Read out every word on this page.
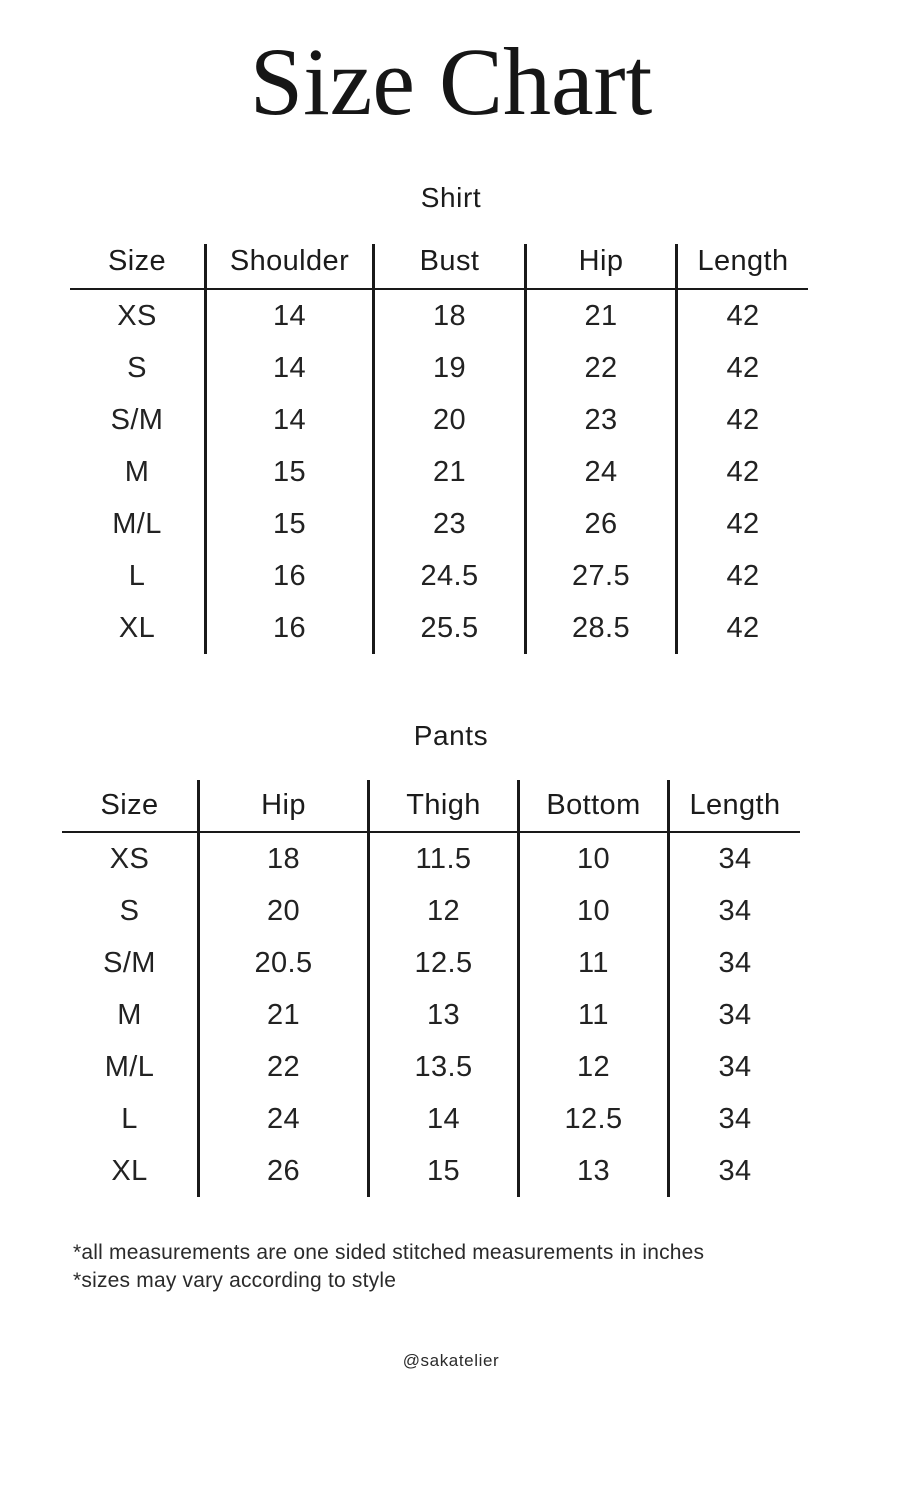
Size Chart
Shirt
Size	Shoulder	Bust	Hip	Length
XS	14	18	21	42
S	14	19	22	42
S/M	14	20	23	42
M	15	21	24	42
M/L	15	23	26	42
L	16	24.5	27.5	42
XL	16	25.5	28.5	42
Pants
Size	Hip	Thigh	Bottom	Length
XS	18	11.5	10	34
S	20	12	10	34
S/M	20.5	12.5	11	34
M	21	13	11	34
M/L	22	13.5	12	34
L	24	14	12.5	34
XL	26	15	13	34
*all measurements are one sided stitched measurements in inches
*sizes may vary according to style
@sakatelier
